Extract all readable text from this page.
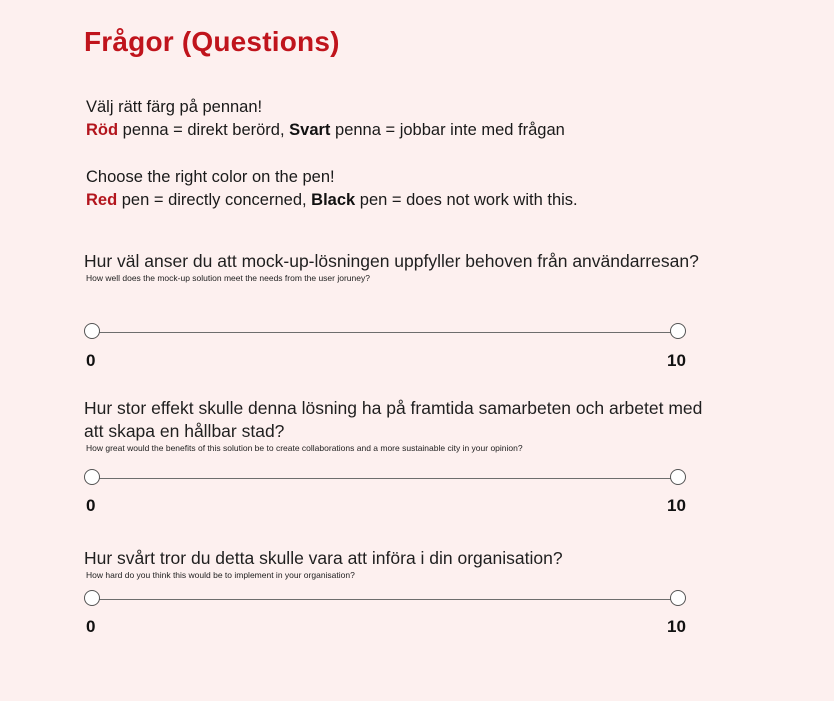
Frågor (Questions)

Välj rätt färg på pennan!

Röd penna = direkt berörd, Svart penna = jobbar inte med frågan

Choose the right color on the pen!

Red pen = directly concerned, Black pen = does not work with this.

Hur väl anser du att mock-up-lösningen uppfyller behoven från användarresan?

How well does the mock-up solution meet the needs from the user joruney?

0	10

Hur stor effekt skulle denna lösning ha på framtida samarbeten och arbetet med att skapa en hållbar stad?

How great would the benefits of this solution be to create collaborations and a more sustainable city in your opinion?

0	10

Hur svårt tror du detta skulle vara att införa i din organisation?

How hard do you think this would be to implement in your organisation?

0	10
